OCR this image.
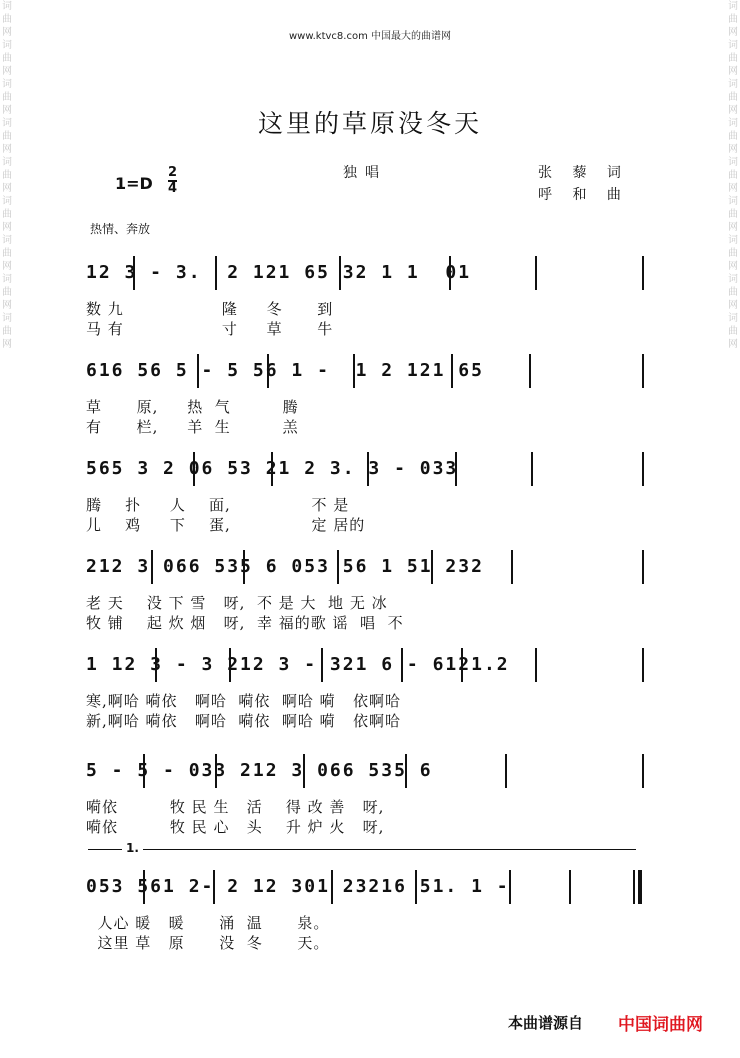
词
曲
网
词
曲
网
词
曲
网
词
曲
网
词
曲
网
词
曲
网
词
曲
网
词
曲
网
词
曲
网
词
曲
网
词
曲
网
词
曲
网
词
曲
网
词
曲
网
词
曲
网
词
曲
网
词
曲
网
词
曲
网
www.ktvc8.com 中国最大的曲谱网
这里的草原没冬天
1=D
2
4
独唱	张 藜 词
呼 和 曲
热情、奔放
12 3 - 3.  2 121 65 32 1 1  01
数 九                 隆     冬      到
马 有                 寸     草      牛
616 56 5 - 5 56 1 -  1 2 121 65
草      原,     热  气         腾
有      栏,     羊  生         羔
565 3 2 06 53 21 2 3. 3 - 033
腾    扑     人    面,              不 是
儿    鸡     下    蛋,              定 居的
212 3 066 535 6 053 56 1 51 232
老 天    没 下 雪   呀,  不 是 大  地 无 冰
牧 铺    起 炊 烟   呀,  幸 福的歌 谣  唱  不
1 12 3 - 3 212 3 - 321 6 - 6121.2
寒,啊哈 嗬依   啊哈  嗬依  啊哈 嗬   依啊哈
新,啊哈 嗬依   啊哈  嗬依  啊哈 嗬   依啊哈
5 - 5 - 033 212 3 066 535 6
嗬依         牧 民 生   活    得 改 善   呀,
嗬依         牧 民 心   头    升 炉 火   呀,
1.
053 561 2- 2 12 301 23216 51. 1 -
人心 暖   暖      涌  温      泉。
这里 草   原      没  冬      天。
本曲谱源自 中国词曲网
